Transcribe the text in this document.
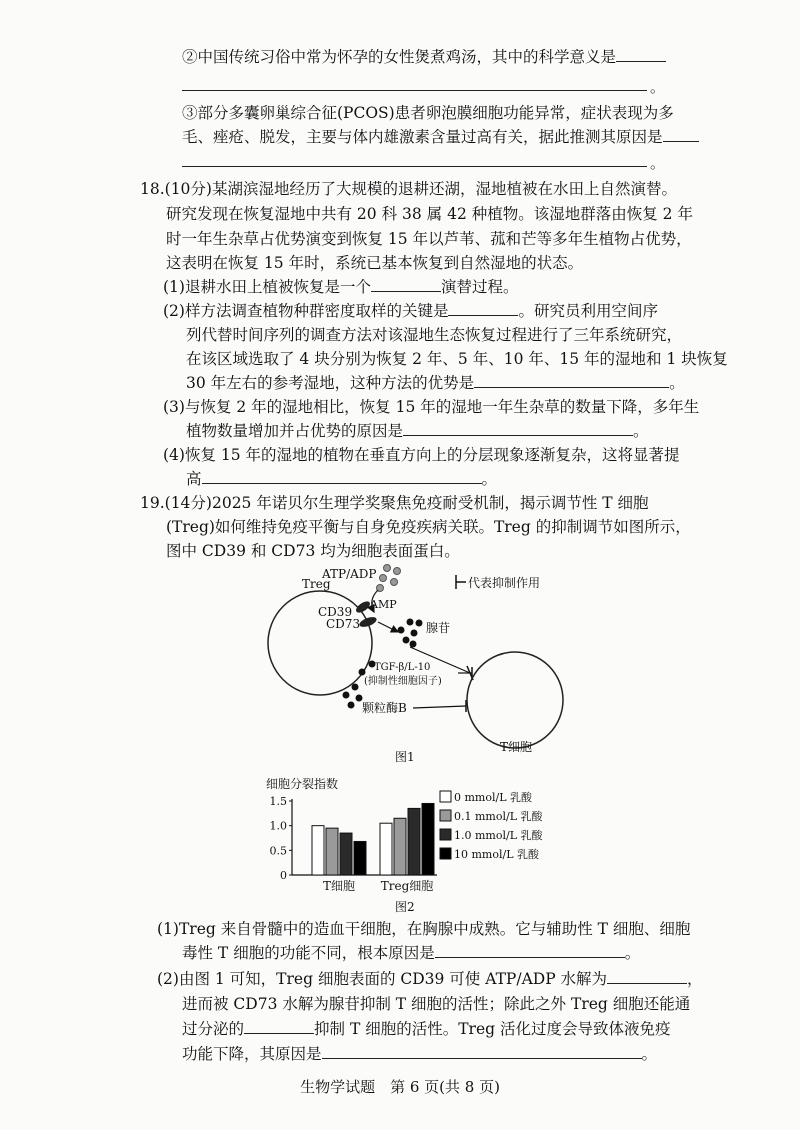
②中国传统习俗中常为怀孕的女性煲煮鸡汤，其中的科学意义是
。
③部分多囊卵巢综合征(PCOS)患者卵泡膜细胞功能异常，症状表现为多
毛、痤疮、脱发，主要与体内雄激素含量过高有关，据此推测其原因是
。
18.(10分)某湖滨湿地经历了大规模的退耕还湖，湿地植被在水田上自然演替。
研究发现在恢复湿地中共有 20 科 38 属 42 种植物。该湿地群落由恢复 2 年
时一年生杂草占优势演变到恢复 15 年以芦苇、菰和芒等多年生植物占优势，
这表明在恢复 15 年时，系统已基本恢复到自然湿地的状态。
(1)退耕水田上植被恢复是一个	演替过程。
(2)样方法调查植物种群密度取样的关键是	。研究员利用空间序
列代替时间序列的调查方法对该湿地生态恢复过程进行了三年系统研究，
在该区域选取了 4 块分别为恢复 2 年、5 年、10 年、15 年的湿地和 1 块恢复
30 年左右的参考湿地，这种方法的优势是	。
(3)与恢复 2 年的湿地相比，恢复 15 年的湿地一年生杂草的数量下降，多年生
植物数量增加并占优势的原因是	。
(4)恢复 15 年的湿地的植物在垂直方向上的分层现象逐渐复杂，这将显著提
高	。
19.(14分)2025 年诺贝尔生理学奖聚焦免疫耐受机制，揭示调节性 T 细胞
(Treg)如何维持免疫平衡与自身免疫疾病关联。Treg 的抑制调节如图所示，
图中 CD39 和 CD73 均为细胞表面蛋白。
代表抑制作用
Treg
ATP/ADP
CD39
CD73
AMP
腺苷
TGF-β/L-10
(抑制性细胞因子)
颗粒酶B
T细胞
图1
细胞分裂指数
0
0.5
1.0
1.5
T细胞 Treg细胞
0 mmol/L 乳酸
0.1 mmol/L 乳酸
1.0 mmol/L 乳酸
10 mmol/L 乳酸
图2
(1)Treg 来自骨髓中的造血干细胞，在胸腺中成熟。它与辅助性 T 细胞、细胞
毒性 T 细胞的功能不同，根本原因是	。
(2)由图 1 可知，Treg 细胞表面的 CD39 可使 ATP/ADP 水解为	，
进而被 CD73 水解为腺苷抑制 T 细胞的活性；除此之外 Treg 细胞还能通
过分泌的	抑制 T 细胞的活性。Treg 活化过度会导致体液免疫
功能下降，其原因是	。
生物学试题　第 6 页(共 8 页)
